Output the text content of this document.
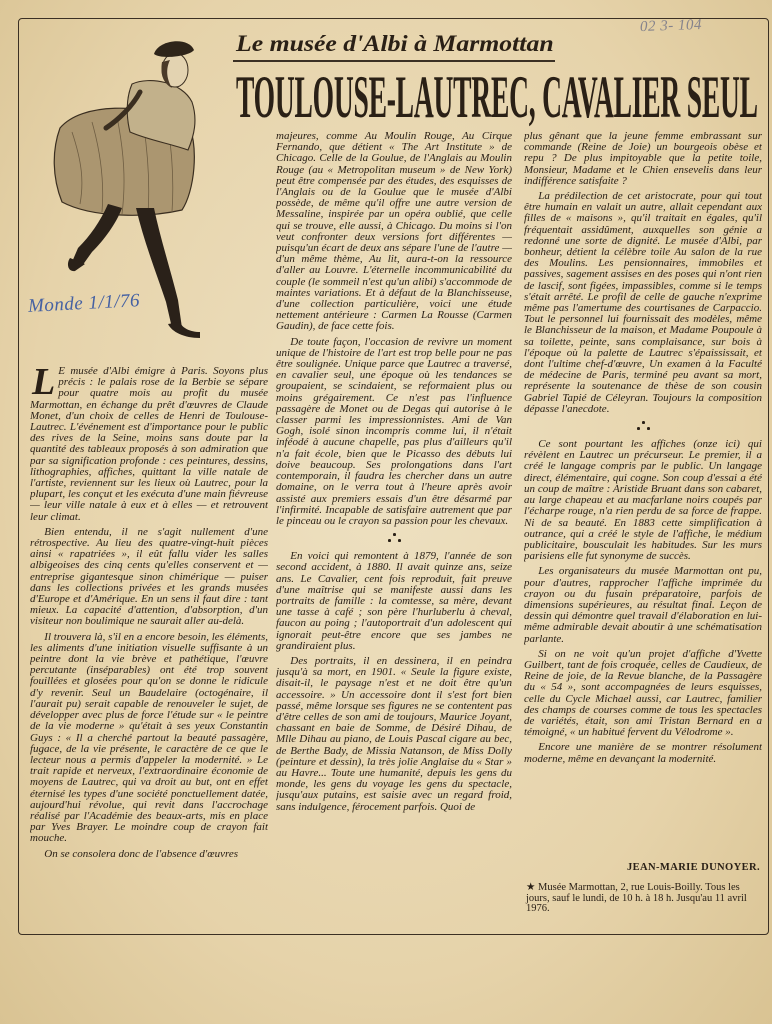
02 3- 104
Le musée d'Albi à Marmottan
TOULOUSE-LAUTREC, CAVALIER SEUL
Monde 1/1/76

L E musée d'Albi émigre à Paris. Soyons plus précis : le palais rose de la Berbie se sépare pour quatre mois au profit du musée Marmottan, en échange du prêt d'œuvres de Claude Monet, d'un choix de celles de Henri de Toulouse-Lautrec. L'événement est d'importance pour le public des rives de la Seine, moins sans doute par la quantité des tableaux proposés à son admiration que par sa signification profonde : ces peintures, dessins, lithographies, affiches, quittant la ville natale de l'artiste, reviennent sur les lieux où Lautrec, pour la plupart, les conçut et les exécuta d'une main fiévreuse — leur ville natale à eux et à elles — et retrouvent leur climat.

Bien entendu, il ne s'agit nullement d'une rétrospective. Au lieu des quatre-vingt-huit pièces ainsi « rapatriées », il eût fallu vider les salles albigeoises des cinq cents qu'elles conservent et — entreprise gigantesque sinon chimérique — puiser dans les collections privées et les grands musées d'Europe et d'Amérique. En un sens il faut dire : tant mieux. La capacité d'attention, d'absorption, d'un visiteur non boulimique ne saurait aller au-delà.

Il trouvera là, s'il en a encore besoin, les éléments, les aliments d'une initiation visuelle suffisante à un peintre dont la vie brève et pathétique, l'œuvre percutante (inséparables) ont été trop souvent fouillées et glosées pour qu'on se donne le ridicule d'y revenir. Seul un Baudelaire (octogénaire, il l'aurait pu) serait capable de renouveler le sujet, de développer avec plus de force l'étude sur « le peintre de la vie moderne » qu'était à ses yeux Constantin Guys : « Il a cherché partout la beauté passagère, fugace, de la vie présente, le caractère de ce que le lecteur nous a permis d'appeler la modernité. » Le trait rapide et nerveux, l'extraordinaire économie de moyens de Lautrec, qui va droit au but, ont en effet éternisé les types d'une société ponctuellement datée, aujourd'hui révolue, qui revit dans l'accrochage réalisé par l'Académie des beaux-arts, mis en place par Yves Brayer. Le moindre coup de crayon fait mouche.

On se consolera donc de l'absence d'œuvres

majeures, comme Au Moulin Rouge, Au Cirque Fernando, que détient « The Art Institute » de Chicago. Celle de la Goulue, de l'Anglais au Moulin Rouge (au « Metropolitan museum » de New York) peut être compensée par des études, des esquisses de l'Anglais ou de la Goulue que le musée d'Albi possède, de même qu'il offre une autre version de Messaline, inspirée par un opéra oublié, que celle qui se trouve, elle aussi, à Chicago. Du moins si l'on veut confronter deux versions fort différentes — puisqu'un écart de deux ans sépare l'une de l'autre — d'un même thème, Au lit, aura-t-on la ressource d'aller au Louvre. L'éternelle incommunicabilité du couple (le sommeil n'est qu'un alibi) s'accommode de maintes variations. Et à défaut de la Blanchisseuse, d'une collection particulière, voici une étude nettement antérieure : Carmen La Rousse (Carmen Gaudin), de face cette fois.

De toute façon, l'occasion de revivre un moment unique de l'histoire de l'art est trop belle pour ne pas être soulignée. Unique parce que Lautrec a traversé, en cavalier seul, une époque où les tendances se groupaient, se scindaient, se reformaient plus ou moins grégairement. Ce n'est pas l'influence passagère de Monet ou de Degas qui autorise à le classer parmi les impressionnistes. Ami de Van Gogh, isolé sinon incompris comme lui, il n'était inféodé à aucune chapelle, pas plus d'ailleurs qu'il n'a fait école, bien que le Picasso des débuts lui doive beaucoup. Ses prolongations dans l'art contemporain, il faudra les chercher dans un autre domaine, on le verra tout à l'heure après avoir assisté aux premiers essais d'un être désarmé par l'infirmité. Incapable de satisfaire autrement que par le pinceau ou le crayon sa passion pour les chevaux.

En voici qui remontent à 1879, l'année de son second accident, à 1880. Il avait quinze ans, seize ans. Le Cavalier, cent fois reproduit, fait preuve d'une maîtrise qui se manifeste aussi dans les portraits de famille : la comtesse, sa mère, devant une tasse à café ; son père l'hurluberlu à cheval, faucon au poing ; l'autoportrait d'un adolescent qui ignorait peut-être encore que ses jambes ne grandiraient plus.

Des portraits, il en dessinera, il en peindra jusqu'à sa mort, en 1901. « Seule la figure existe, disait-il, le paysage n'est et ne doit être qu'un accessoire. » Un accessoire dont il s'est fort bien passé, même lorsque ses figures ne se contentent pas d'être celles de son ami de toujours, Maurice Joyant, chassant en baie de Somme, de Désiré Dihau, de Mlle Dihau au piano, de Louis Pascal cigare au bec, de Berthe Bady, de Missia Natanson, de Miss Dolly (peinture et dessin), la très jolie Anglaise du « Star » au Havre... Toute une humanité, depuis les gens du monde, les gens du voyage les gens du spectacle, jusqu'aux putains, est saisie avec un regard froid, sans indulgence, férocement parfois. Quoi de

plus gênant que la jeune femme embrassant sur commande (Reine de Joie) un bourgeois obèse et repu ? De plus impitoyable que la petite toile, Monsieur, Madame et le Chien ensevelis dans leur indifférence satisfaite ?

La prédilection de cet aristocrate, pour qui tout être humain en valait un autre, allait cependant aux filles de « maisons », qu'il traitait en égales, qu'il fréquentait assidûment, auxquelles son génie a redonné une sorte de dignité. Le musée d'Albi, par bonheur, détient la célèbre toile Au salon de la rue des Moulins. Les pensionnaires, immobiles et passives, sagement assises en des poses qui n'ont rien de lascif, sont figées, impassibles, comme si le temps s'était arrêté. Le profil de celle de gauche n'exprime même pas l'amertume des courtisanes de Carpaccio. Tout le personnel lui fournissait des modèles, même le Blanchisseur de la maison, et Madame Poupoule à sa toilette, peinte, sans complaisance, sur bois à l'époque où la palette de Lautrec s'épaississait, et dont l'ultime chef-d'œuvre, Un examen à la Faculté de médecine de Paris, terminé peu avant sa mort, représente la soutenance de thèse de son cousin Gabriel Tapié de Céleyran. Toujours la composition dépasse l'anecdote.

Ce sont pourtant les affiches (onze ici) qui révèlent en Lautrec un précurseur. Le premier, il a créé le langage compris par le public. Un langage direct, élémentaire, qui cogne. Son coup d'essai a été un coup de maître : Aristide Bruant dans son cabaret, au large chapeau et au macfarlane noirs coupés par l'écharpe rouge, n'a rien perdu de sa force de frappe. Ni de sa beauté. En 1883 cette simplification à outrance, qui a créé le style de l'affiche, le médium publicitaire, bousculait les habitudes. Sur les murs parisiens elle fut synonyme de succès.

Les organisateurs du musée Marmottan ont pu, pour d'autres, rapprocher l'affiche imprimée du crayon ou du fusain préparatoire, parfois de dimensions supérieures, au résultat final. Leçon de dessin qui démontre quel travail d'élaboration en lui-même admirable devait aboutir à une schématisation parlante.

Si on ne voit qu'un projet d'affiche d'Yvette Guilbert, tant de fois croquée, celles de Caudieux, de Reine de joie, de la Revue blanche, de la Passagère du « 54 », sont accompagnées de leurs esquisses, celle du Cycle Michael aussi, car Lautrec, familier des champs de courses comme de tous les spectacles de variétés, était, son ami Tristan Bernard en a témoigné, « un habitué fervent du Vélodrome ».

Encore une manière de se montrer résolument moderne, même en devançant la modernité.

JEAN-MARIE DUNOYER.
★ Musée Marmottan, 2, rue Louis-Boilly. Tous les jours, sauf le lundi, de 10 h. à 18 h. Jusqu'au 11 avril 1976.
